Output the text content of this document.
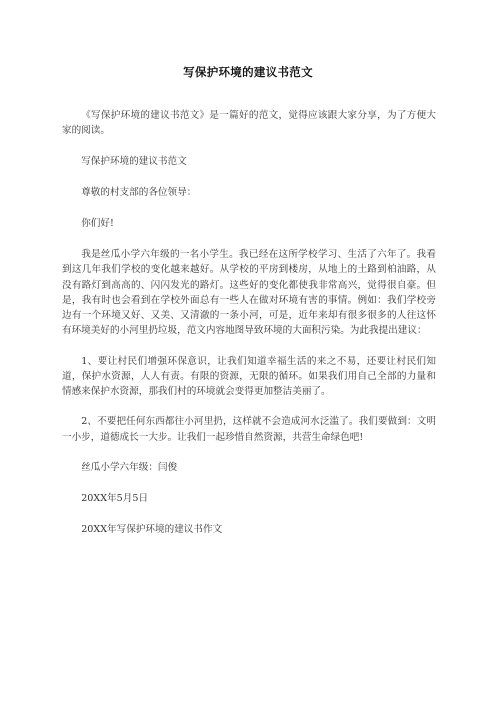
写保护环境的建议书范文

《写保护环境的建议书范文》是一篇好的范文，觉得应该跟大家分享，为了方便大家的阅读。

写保护环境的建议书范文

尊敬的村支部的各位领导：

你们好!

我是丝瓜小学六年级的一名小学生。我已经在这所学校学习、生活了六年了。我看到这几年我们学校的变化越来越好。从学校的平房到楼房，从地上的土路到柏油路，从没有路灯到高高的、闪闪发光的路灯。这些好的变化都使我非常高兴，觉得很自豪。但是，我有时也会看到在学校外面总有一些人在做对环境有害的事情。例如：我们学校旁边有一个环境又好、又美、又清澈的一条小河，可是，近年来却有很多很多的人往这怀有环境美好的小河里扔垃圾，范文内容地图导致环境的大面积污染。为此我提出建议：

1、要让村民们增强环保意识，让我们知道幸福生活的来之不易，还要让村民们知道，保护水资源，人人有责。有限的资源，无限的循环。如果我们用自己全部的力量和情感来保护水资源，那我们村的环境就会变得更加整洁美丽了。

2、不要把任何东西都往小河里扔，这样就不会造成河水泛滥了。我们要做到：文明一小步，道德成长一大步。让我们一起珍惜自然资源，共营生命绿色吧!

丝瓜小学六年级：闫俊

20XX年5月5日

20XX年写保护环境的建议书作文
